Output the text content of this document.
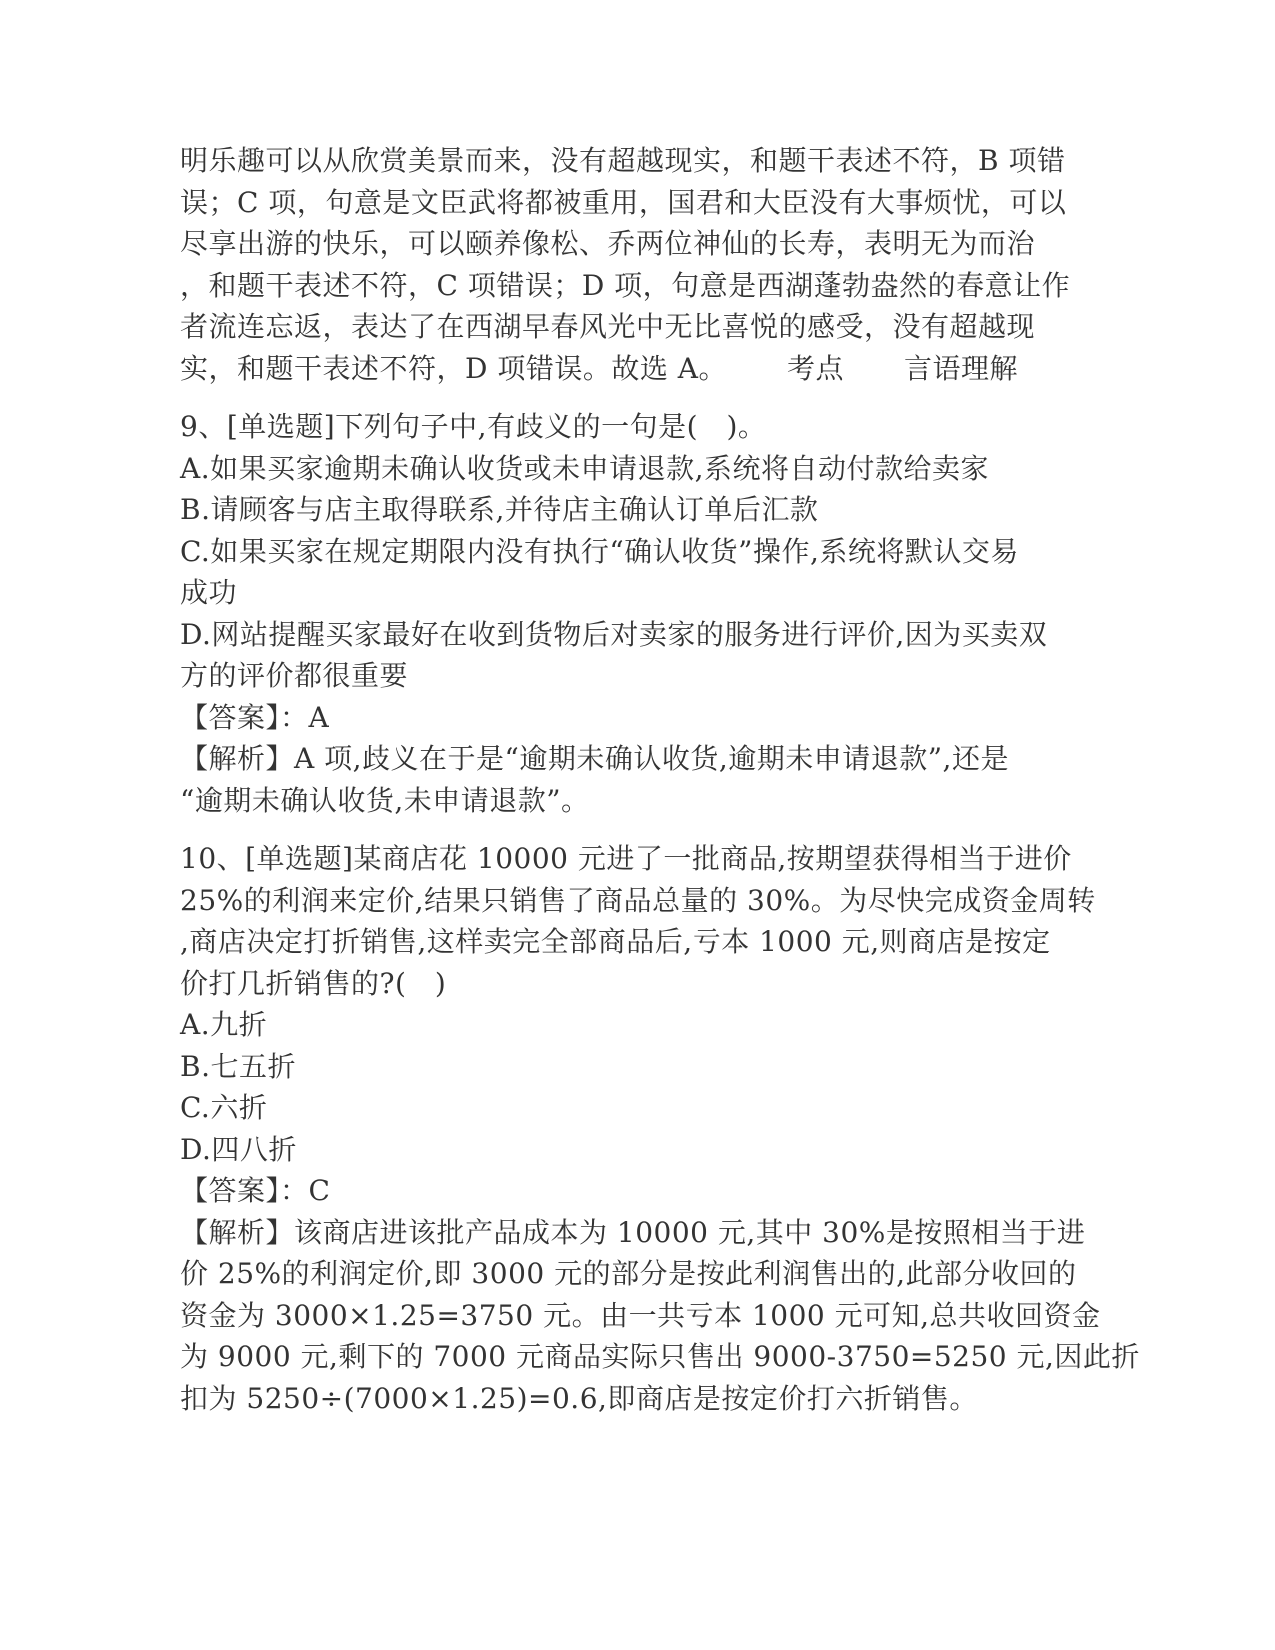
明乐趣可以从欣赏美景而来，没有超越现实，和题干表述不符，B 项错
误；C 项，句意是文臣武将都被重用，国君和大臣没有大事烦忧，可以
尽享出游的快乐，可以颐养像松、乔两位神仙的长寿，表明无为而治
，和题干表述不符，C 项错误；D 项，句意是西湖蓬勃盎然的春意让作
者流连忘返，表达了在西湖早春风光中无比喜悦的感受，没有超越现
实，和题干表述不符，D 项错误。故选 A。 考点 言语理解
9、[单选题]下列句子中,有歧义的一句是(　)。
A.如果买家逾期未确认收货或未申请退款,系统将自动付款给卖家
B.请顾客与店主取得联系,并待店主确认订单后汇款
C.如果买家在规定期限内没有执行“确认收货”操作,系统将默认交易
成功
D.网站提醒买家最好在收到货物后对卖家的服务进行评价,因为买卖双
方的评价都很重要
【答案】：A
【解析】A 项,歧义在于是“逾期未确认收货,逾期未申请退款”,还是
“逾期未确认收货,未申请退款”。
10、[单选题]某商店花 10000 元进了一批商品,按期望获得相当于进价
25%的利润来定价,结果只销售了商品总量的 30%。为尽快完成资金周转
,商店决定打折销售,这样卖完全部商品后,亏本 1000 元,则商店是按定
价打几折销售的?(　)
A.九折
B.七五折
C.六折
D.四八折
【答案】：C
【解析】该商店进该批产品成本为 10000 元,其中 30%是按照相当于进
价 25%的利润定价,即 3000 元的部分是按此利润售出的,此部分收回的
资金为 3000×1.25=3750 元。由一共亏本 1000 元可知,总共收回资金
为 9000 元,剩下的 7000 元商品实际只售出 9000-3750=5250 元,因此折
扣为 5250÷(7000×1.25)=0.6,即商店是按定价打六折销售。
